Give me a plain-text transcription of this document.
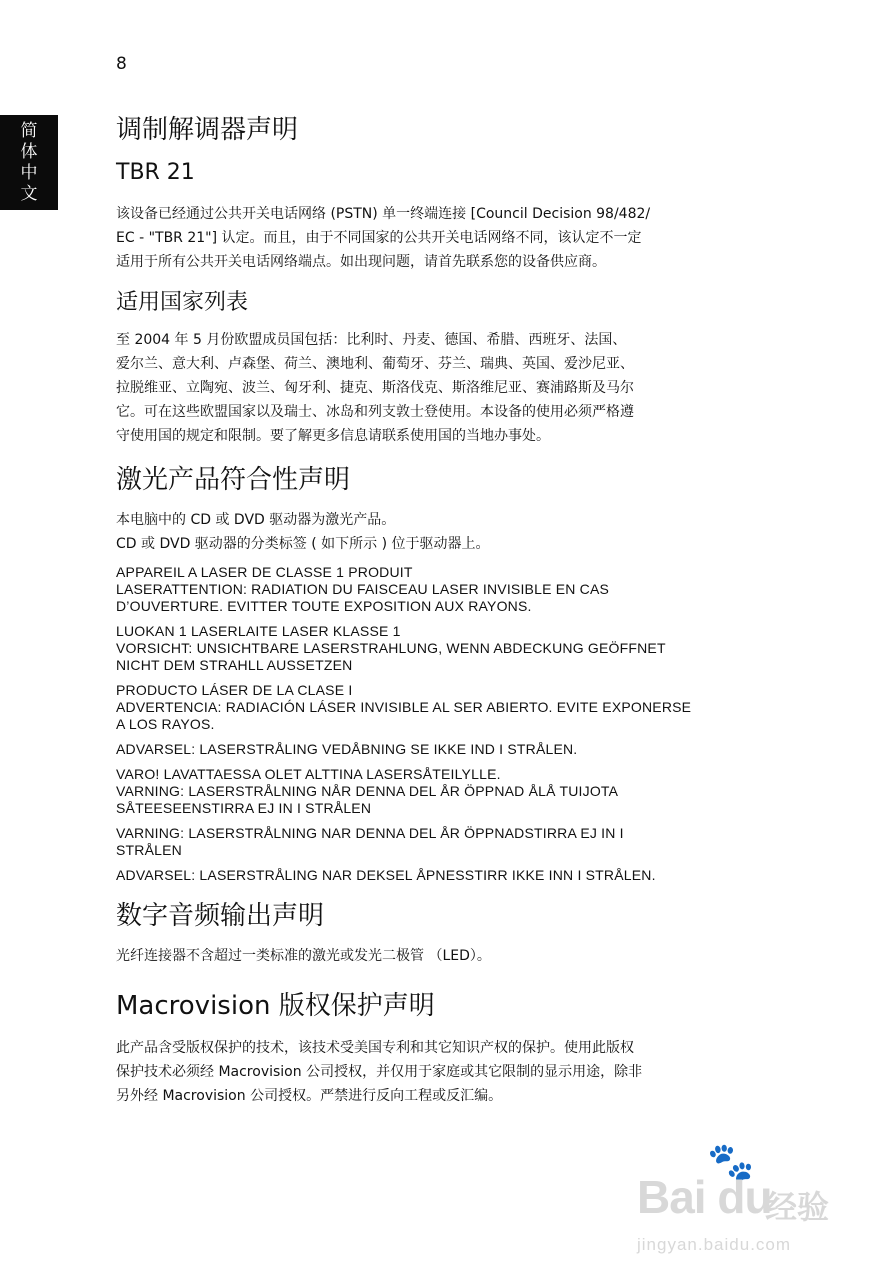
8
简
体
中
文
调制解调器声明
TBR 21

该设备已经通过公共开关电话网络 (PSTN) 单一终端连接 [Council Decision 98/482/
EC - "TBR 21"] 认定。而且，由于不同国家的公共开关电话网络不同，该认定不一定
适用于所有公共开关电话网络端点。如出现问题，请首先联系您的设备供应商。

适用国家列表

至 2004 年 5 月份欧盟成员国包括：比利时、丹麦、德国、希腊、西班牙、法国、
爱尔兰、意大利、卢森堡、荷兰、澳地利、葡萄牙、芬兰、瑞典、英国、爱沙尼亚、
拉脱维亚、立陶宛、波兰、匈牙利、捷克、斯洛伐克、斯洛维尼亚、赛浦路斯及马尔
它。可在这些欧盟国家以及瑞士、冰岛和列支敦士登使用。本设备的使用必须严格遵
守使用国的规定和限制。要了解更多信息请联系使用国的当地办事处。

激光产品符合性声明

本电脑中的 CD 或 DVD 驱动器为激光产品。
CD 或 DVD 驱动器的分类标签 ( 如下所示 ) 位于驱动器上。

APPAREIL A LASER DE CLASSE 1 PRODUIT
LASERATTENTION: RADIATION DU FAISCEAU LASER INVISIBLE EN CAS
D’OUVERTURE. EVITTER TOUTE EXPOSITION AUX RAYONS.

LUOKAN 1 LASERLAITE LASER KLASSE 1
VORSICHT: UNSICHTBARE LASERSTRAHLUNG, WENN ABDECKUNG GEÖFFNET
NICHT DEM STRAHLL AUSSETZEN

PRODUCTO LÁSER DE LA CLASE I
ADVERTENCIA: RADIACIÓN LÁSER INVISIBLE AL SER ABIERTO. EVITE EXPONERSE
A LOS RAYOS.

ADVARSEL: LASERSTRÅLING VEDÅBNING SE IKKE IND I STRÅLEN.

VARO! LAVATTAESSA OLET ALTTINA LASERSÅTEILYLLE.
VARNING: LASERSTRÅLNING NÅR DENNA DEL ÅR ÖPPNAD ÅLÅ TUIJOTA
SÅTEESEENSTIRRA EJ IN I STRÅLEN

VARNING: LASERSTRÅLNING NAR DENNA DEL ÅR ÖPPNADSTIRRA EJ IN I
STRÅLEN

ADVARSEL: LASERSTRÅLING NAR DEKSEL ÅPNESSTIRR IKKE INN I STRÅLEN.

数字音频输出声明

光纤连接器不含超过一类标准的激光或发光二极管 （LED）。

Macrovision 版权保护声明

此产品含受版权保护的技术，该技术受美国专利和其它知识产权的保护。使用此版权
保护技术必须经 Macrovision 公司授权，并仅用于家庭或其它限制的显示用途，除非
另外经 Macrovision 公司授权。严禁进行反向工程或反汇编。

🐾
Bai du
经验
jingyan.baidu.com
